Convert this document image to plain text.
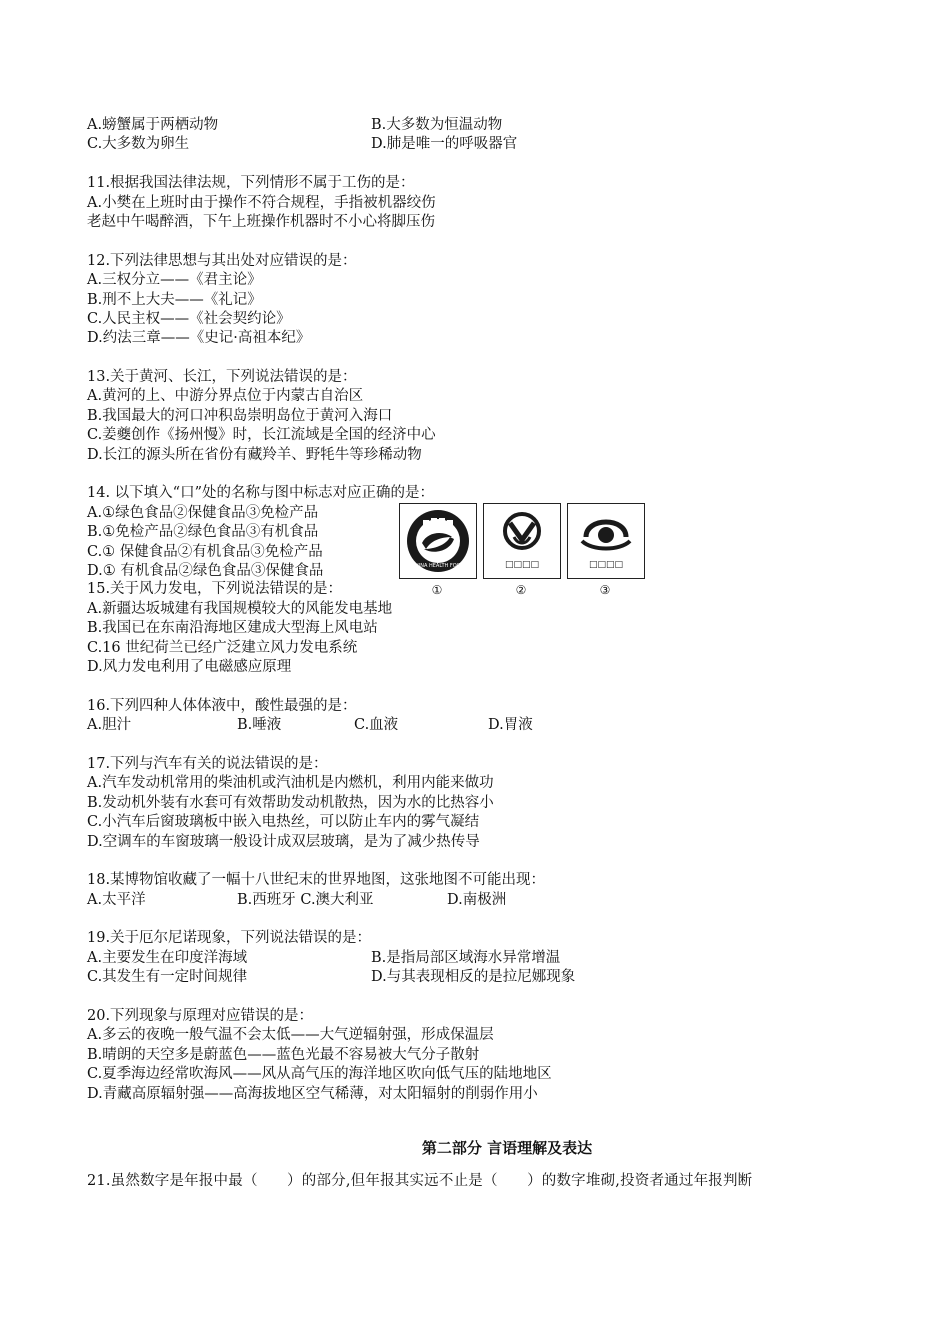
A.螃蟹属于两栖动物	B.大多数为恒温动物
C.大多数为卵生	D.肺是唯一的呼吸器官
11.根据我国法律法规，下列情形不属于工伤的是：
A.小樊在上班时由于操作不符合规程，手指被机器绞伤
老赵中午喝醉酒，下午上班操作机器时不小心将脚压伤
12.下列法律思想与其出处对应错误的是：
A.三权分立——《君主论》
B.刑不上大夫——《礼记》
C.人民主权——《社会契约论》
D.约法三章——《史记·高祖本纪》
13.关于黄河、长江，下列说法错误的是：
A.黄河的上、中游分界点位于内蒙古自治区
B.我国最大的河口冲积岛崇明岛位于黄河入海口
C.姜夔创作《扬州慢》时，长江流域是全国的经济中心
D.长江的源头所在省份有藏羚羊、野牦牛等珍稀动物
14. 以下填入“口”处的名称与图中标志对应正确的是：
A.①绿色食品②保健食品③免检产品
B.①免检产品②绿色食品③有机食品
C.① 保健食品②有机食品③免检产品
D.① 有机食品②绿色食品③保健食品	CHINA HEALTH FOOD	□□□□	□□□□
①	②	③
15.关于风力发电，下列说法错误的是：
A.新疆达坂城建有我国规模较大的风能发电基地
B.我国已在东南沿海地区建成大型海上风电站
C.16 世纪荷兰已经广泛建立风力发电系统
D.风力发电利用了电磁感应原理
16.下列四种人体体液中，酸性最强的是：
A.胆汁	B.唾液	C.血液	D.胃液
17.下列与汽车有关的说法错误的是：
A.汽车发动机常用的柴油机或汽油机是内燃机，利用内能来做功
B.发动机外装有水套可有效帮助发动机散热，因为水的比热容小
C.小汽车后窗玻璃板中嵌入电热丝，可以防止车内的雾气凝结
D.空调车的车窗玻璃一般设计成双层玻璃，是为了减少热传导
18.某博物馆收藏了一幅十八世纪末的世界地图，这张地图不可能出现：
A.太平洋	B.西班牙 C.澳大利亚	D.南极洲
19.关于厄尔尼诺现象，下列说法错误的是：
A.主要发生在印度洋海域	B.是指局部区域海水异常增温
C.其发生有一定时间规律	D.与其表现相反的是拉尼娜现象
20.下列现象与原理对应错误的是：
A.多云的夜晚一般气温不会太低——大气逆辐射强，形成保温层
B.晴朗的天空多是蔚蓝色——蓝色光最不容易被大气分子散射
C.夏季海边经常吹海风——风从高气压的海洋地区吹向低气压的陆地地区
D.青藏高原辐射强——高海拔地区空气稀薄，对太阳辐射的削弱作用小
第二部分 言语理解及表达
21.虽然数字是年报中最（　　）的部分,但年报其实远不止是（　　）的数字堆砌,投资者通过年报判断
